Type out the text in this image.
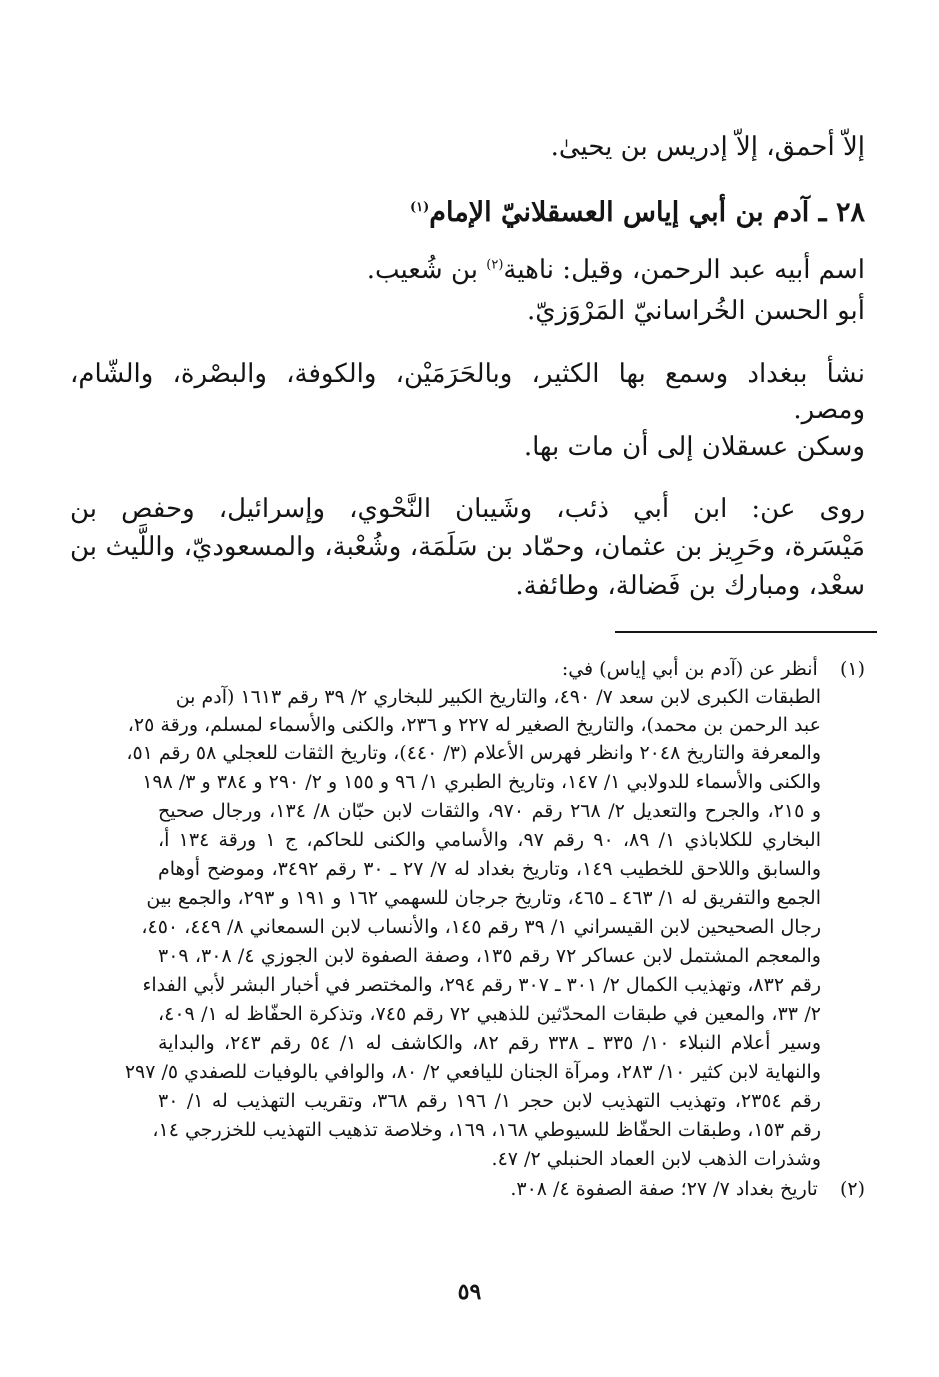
إلاّ أحمق، إلاّ إدريس بن يحيىٰ.
٢٨ ـ آدم بن أبي إياس العسقلانيّ الإمام$^{(١)}$
اسم أبيه عبد الرحمن، وقيل: ناهية$^{(٢)}$ بن شُعيب.
أبو الحسن الخُراسانيّ المَرْوَزيّ.
نشأ ببغداد وسمع بها الكثير، وبالحَرَمَيْن، والكوفة، والبصْرة، والشّام،
ومصر.
وسكن عسقلان إلى أن مات بها.
روى عن: ابن أبي ذئب، وشَيبان النَّحْوي، وإسرائيل، وحفص بن
مَيْسَرة، وحَرِيز بن عثمان، وحمّاد بن سَلَمَة، وشُعْبة، والمسعوديّ، واللَّيث بن
سعْد، ومبارك بن فَضالة، وطائفة.
(١)  أنظر عن (آدم بن أبي إياس) في:
الطبقات الكبرى لابن سعد ٧/ ٤٩٠، والتاريخ الكبير للبخاري ٢/ ٣٩ رقم ١٦١٣ (آدم بن
عبد الرحمن بن محمد)، والتاريخ الصغير له ٢٢٧ و ٢٣٦، والكنى والأسماء لمسلم، ورقة ٢٥،
والمعرفة والتاريخ ٢٠٤٨ وانظر فهرس الأعلام (٣/ ٤٤٠)، وتاريخ الثقات للعجلي ٥٨ رقم ٥١،
والكنى والأسماء للدولابي ١/ ١٤٧، وتاريخ الطبري ١/ ٩٦ و ١٥٥ و ٢/ ٢٩٠ و ٣٨٤ و ٣/ ١٩٨
و ٢١٥، والجرح والتعديل ٢/ ٢٦٨ رقم ٩٧٠، والثقات لابن حبّان ٨/ ١٣٤، ورجال صحيح
البخاري للكلاباذي ١/ ٨٩، ٩٠ رقم ٩٧، والأسامي والكنى للحاكم، ج ١ ورقة ١٣٤ أ،
والسابق واللاحق للخطيب ١٤٩، وتاريخ بغداد له ٧/ ٢٧ ـ ٣٠ رقم ٣٤٩٢، وموضح أوهام
الجمع والتفريق له ١/ ٤٦٣ ـ ٤٦٥، وتاريخ جرجان للسهمي ١٦٢ و ١٩١ و ٢٩٣، والجمع بين
رجال الصحيحين لابن القيسراني ١/ ٣٩ رقم ١٤٥، والأنساب لابن السمعاني ٨/ ٤٤٩، ٤٥٠،
والمعجم المشتمل لابن عساكر ٧٢ رقم ١٣٥، وصفة الصفوة لابن الجوزي ٤/ ٣٠٨، ٣٠٩
رقم ٨٣٢، وتهذيب الكمال ٢/ ٣٠١ ـ ٣٠٧ رقم ٢٩٤، والمختصر في أخبار البشر لأبي الفداء
٢/ ٣٣، والمعين في طبقات المحدّثين للذهبي ٧٢ رقم ٧٤٥، وتذكرة الحفّاظ له ١/ ٤٠٩،
وسير أعلام النبلاء ١٠/ ٣٣٥ ـ ٣٣٨ رقم ٨٢، والكاشف له ١/ ٥٤ رقم ٢٤٣، والبداية
والنهاية لابن كثير ١٠/ ٢٨٣، ومرآة الجنان لليافعي ٢/ ٨٠، والوافي بالوفيات للصفدي ٥/ ٢٩٧
رقم ٢٣٥٤، وتهذيب التهذيب لابن حجر ١/ ١٩٦ رقم ٣٦٨، وتقريب التهذيب له ١/ ٣٠
رقم ١٥٣، وطبقات الحفّاظ للسيوطي ١٦٨، ١٦٩، وخلاصة تذهيب التهذيب للخزرجي ١٤،
وشذرات الذهب لابن العماد الحنبلي ٢/ ٤٧.
(٢)  تاريخ بغداد ٧/ ٢٧؛ صفة الصفوة ٤/ ٣٠٨.
٥٩
